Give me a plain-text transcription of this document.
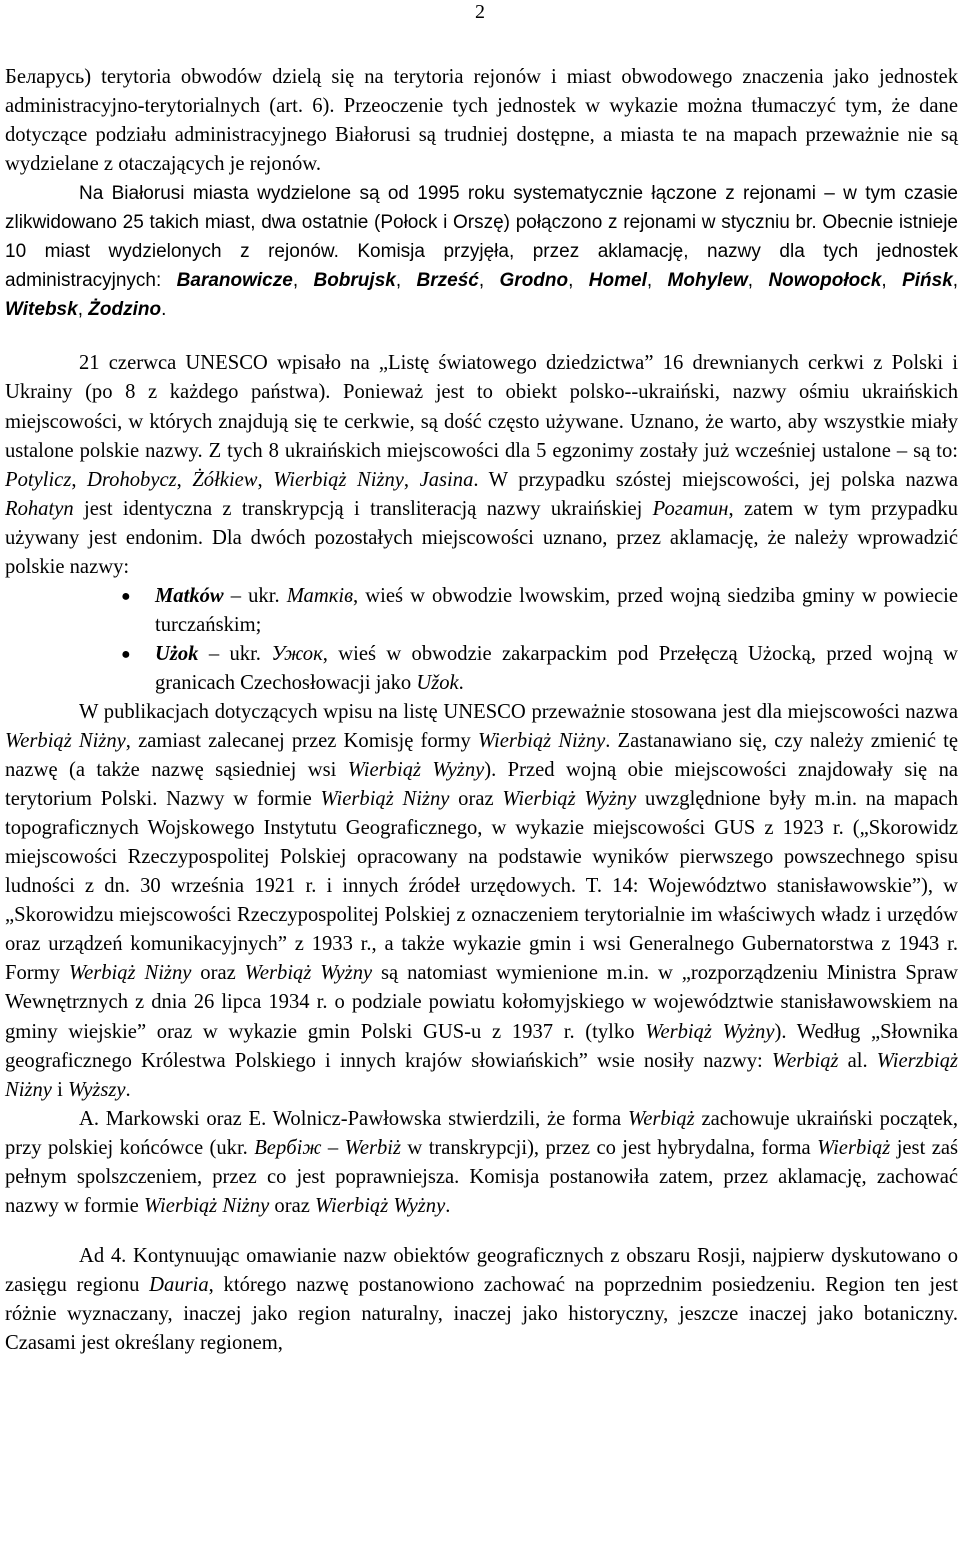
2

Беларусь) terytoria obwodów dzielą się na terytoria rejonów i miast obwodowego znaczenia jako jednostek administracyjno-terytorialnych (art. 6). Przeoczenie tych jednostek w wykazie można tłumaczyć tym, że dane dotyczące podziału administracyjnego Białorusi są trudniej dostępne, a miasta te na mapach przeważnie nie są wydzielane z otaczających je rejonów.

Na Białorusi miasta wydzielone są od 1995 roku systematycznie łączone z rejonami – w tym czasie zlikwidowano 25 takich miast, dwa ostatnie (Połock i Orszę) połączono z rejonami w styczniu br. Obecnie istnieje 10 miast wydzielonych z rejonów. Komisja przyjęła, przez aklamację, nazwy dla tych jednostek administracyjnych: Baranowicze, Bobrujsk, Brześć, Grodno, Homel, Mohylew, Nowopołock, Pińsk, Witebsk, Żodzino.

21 czerwca UNESCO wpisało na „Listę światowego dziedzictwa” 16 drewnianych cerkwi z Polski i Ukrainy (po 8 z każdego państwa). Ponieważ jest to obiekt polsko--ukraiński, nazwy ośmiu ukraińskich miejscowości, w których znajdują się te cerkwie, są dość często używane. Uznano, że warto, aby wszystkie miały ustalone polskie nazwy. Z tych 8 ukraińskich miejscowości dla 5 egzonimy zostały już wcześniej ustalone – są to: Potylicz, Drohobycz, Żółkiew, Wierbiąż Niżny, Jasina. W przypadku szóstej miejscowości, jej polska nazwa Rohatyn jest identyczna z transkrypcją i transliteracją nazwy ukraińskiej Рогатин, zatem w tym przypadku używany jest endonim. Dla dwóch pozostałych miejscowości uznano, przez aklamację, że należy wprowadzić polskie nazwy:

● Matków – ukr. Матків, wieś w obwodzie lwowskim, przed wojną siedziba gminy w powiecie turczańskim;
● Użok – ukr. Ужок, wieś w obwodzie zakarpackim pod Przełęczą Użocką, przed wojną w granicach Czechosłowacji jako Užok.

W publikacjach dotyczących wpisu na listę UNESCO przeważnie stosowana jest dla miejscowości nazwa Werbiąż Niżny, zamiast zalecanej przez Komisję formy Wierbiąż Niżny. Zastanawiano się, czy należy zmienić tę nazwę (a także nazwę sąsiedniej wsi Wierbiąż Wyżny). Przed wojną obie miejscowości znajdowały się na terytorium Polski. Nazwy w formie Wierbiąż Niżny oraz Wierbiąż Wyżny uwzględnione były m.in. na mapach topograficznych Wojskowego Instytutu Geograficznego, w wykazie miejscowości GUS z 1923 r. („Skorowidz miejscowości Rzeczypospolitej Polskiej opracowany na podstawie wyników pierwszego powszechnego spisu ludności z dn. 30 września 1921 r. i innych źródeł urzędowych. T. 14: Województwo stanisławowskie”), w „Skorowidzu miejscowości Rzeczypospolitej Polskiej z oznaczeniem terytorialnie im właściwych władz i urzędów oraz urządzeń komunikacyjnych” z 1933 r., a także wykazie gmin i wsi Generalnego Gubernatorstwa z 1943 r. Formy Werbiąż Niżny oraz Werbiąż Wyżny są natomiast wymienione m.in. w „rozporządzeniu Ministra Spraw Wewnętrznych z dnia 26 lipca 1934 r. o podziale powiatu kołomyjskiego w województwie stanisławowskiem na gminy wiejskie” oraz w wykazie gmin Polski GUS-u z 1937 r. (tylko Werbiąż Wyżny). Według „Słownika geograficznego Królestwa Polskiego i innych krajów słowiańskich” wsie nosiły nazwy: Werbiąż al. Wierzbiąż Niżny i Wyższy.

A. Markowski oraz E. Wolnicz-Pawłowska stwierdzili, że forma Werbiąż zachowuje ukraiński początek, przy polskiej końcówce (ukr. Вербіж – Werbiż w transkrypcji), przez co jest hybrydalna, forma Wierbiąż jest zaś pełnym spolszczeniem, przez co jest poprawniejsza. Komisja postanowiła zatem, przez aklamację, zachować nazwy w formie Wierbiąż Niżny oraz Wierbiąż Wyżny.

Ad 4. Kontynuując omawianie nazw obiektów geograficznych z obszaru Rosji, najpierw dyskutowano o zasięgu regionu Dauria, którego nazwę postanowiono zachować na poprzednim posiedzeniu. Region ten jest różnie wyznaczany, inaczej jako region naturalny, inaczej jako historyczny, jeszcze inaczej jako botaniczny. Czasami jest określany regionem,
